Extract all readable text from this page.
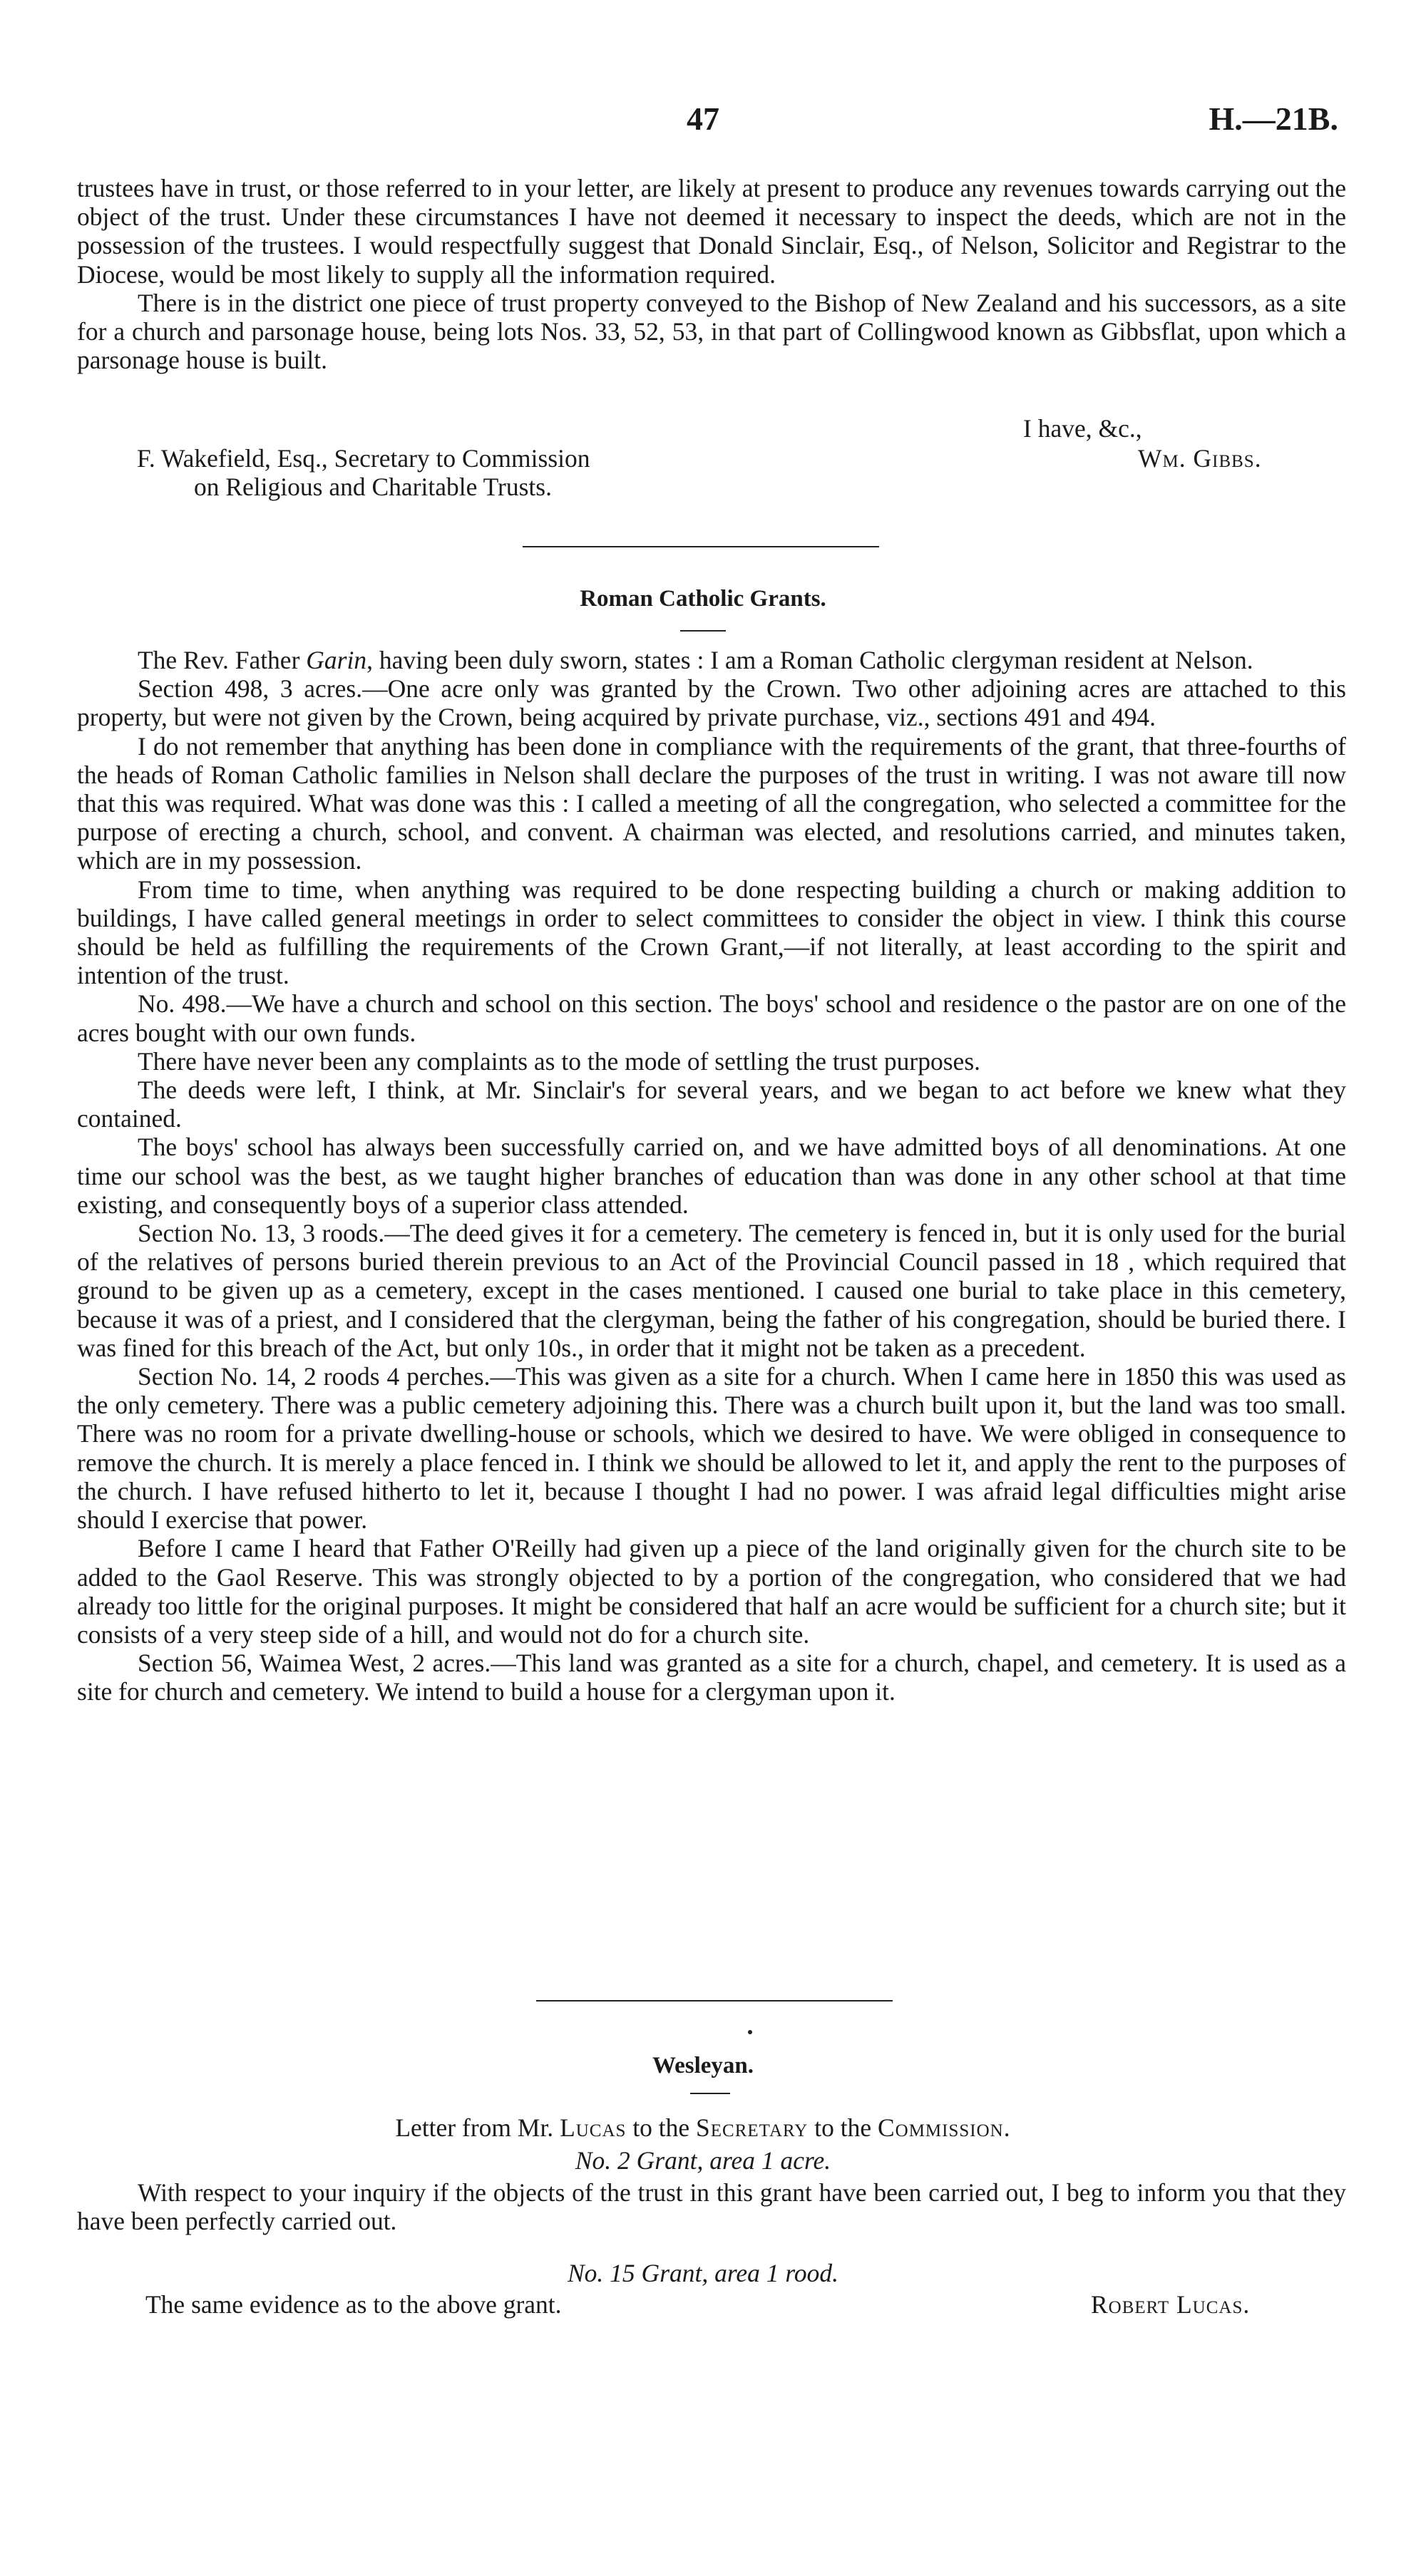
47	H.—21B.

trustees have in trust, or those referred to in your letter, are likely at present to produce any revenues towards carrying out the object of the trust. Under these circumstances I have not deemed it necessary to inspect the deeds, which are not in the possession of the trustees. I would respectfully suggest that Donald Sinclair, Esq., of Nelson, Solicitor and Registrar to the Diocese, would be most likely to supply all the information required.

There is in the district one piece of trust property conveyed to the Bishop of New Zealand and his successors, as a site for a church and parsonage house, being lots Nos. 33, 52, 53, in that part of Collingwood known as Gibbsflat, upon which a parsonage house is built.

I have, &c.,
F. Wakefield, Esq., Secretary to Commission	Wm. Gibbs.
on Religious and Charitable Trusts.
Roman Catholic Grants.

The Rev. Father Garin, having been duly sworn, states : I am a Roman Catholic clergyman resident at Nelson.

Section 498, 3 acres.—One acre only was granted by the Crown. Two other adjoining acres are attached to this property, but were not given by the Crown, being acquired by private purchase, viz., sections 491 and 494.

I do not remember that anything has been done in compliance with the requirements of the grant, that three-fourths of the heads of Roman Catholic families in Nelson shall declare the purposes of the trust in writing. I was not aware till now that this was required. What was done was this : I called a meeting of all the congregation, who selected a committee for the purpose of erecting a church, school, and convent. A chairman was elected, and resolutions carried, and minutes taken, which are in my possession.

From time to time, when anything was required to be done respecting building a church or making addition to buildings, I have called general meetings in order to select committees to consider the object in view. I think this course should be held as fulfilling the requirements of the Crown Grant,—if not literally, at least according to the spirit and intention of the trust.

No. 498.—We have a church and school on this section. The boys' school and residence o the pastor are on one of the acres bought with our own funds.

There have never been any complaints as to the mode of settling the trust purposes.

The deeds were left, I think, at Mr. Sinclair's for several years, and we began to act before we knew what they contained.

The boys' school has always been successfully carried on, and we have admitted boys of all denominations. At one time our school was the best, as we taught higher branches of education than was done in any other school at that time existing, and consequently boys of a superior class attended.

Section No. 13, 3 roods.—The deed gives it for a cemetery. The cemetery is fenced in, but it is only used for the burial of the relatives of persons buried therein previous to an Act of the Provincial Council passed in 18 , which required that ground to be given up as a cemetery, except in the cases mentioned. I caused one burial to take place in this cemetery, because it was of a priest, and I considered that the clergyman, being the father of his congregation, should be buried there. I was fined for this breach of the Act, but only 10s., in order that it might not be taken as a precedent.

Section No. 14, 2 roods 4 perches.—This was given as a site for a church. When I came here in 1850 this was used as the only cemetery. There was a public cemetery adjoining this. There was a church built upon it, but the land was too small. There was no room for a private dwelling-house or schools, which we desired to have. We were obliged in consequence to remove the church. It is merely a place fenced in. I think we should be allowed to let it, and apply the rent to the purposes of the church. I have refused hitherto to let it, because I thought I had no power. I was afraid legal difficulties might arise should I exercise that power.

Before I came I heard that Father O'Reilly had given up a piece of the land originally given for the church site to be added to the Gaol Reserve. This was strongly objected to by a portion of the congregation, who considered that we had already too little for the original purposes. It might be considered that half an acre would be sufficient for a church site; but it consists of a very steep side of a hill, and would not do for a church site.

Section 56, Waimea West, 2 acres.—This land was granted as a site for a church, chapel, and cemetery. It is used as a site for church and cemetery. We intend to build a house for a clergyman upon it.

Wesleyan.
Letter from Mr. Lucas to the Secretary to the Commission.
No. 2 Grant, area 1 acre.

With respect to your inquiry if the objects of the trust in this grant have been carried out, I beg to inform you that they have been perfectly carried out.

No. 15 Grant, area 1 rood.
The same evidence as to the above grant.	Robert Lucas.
